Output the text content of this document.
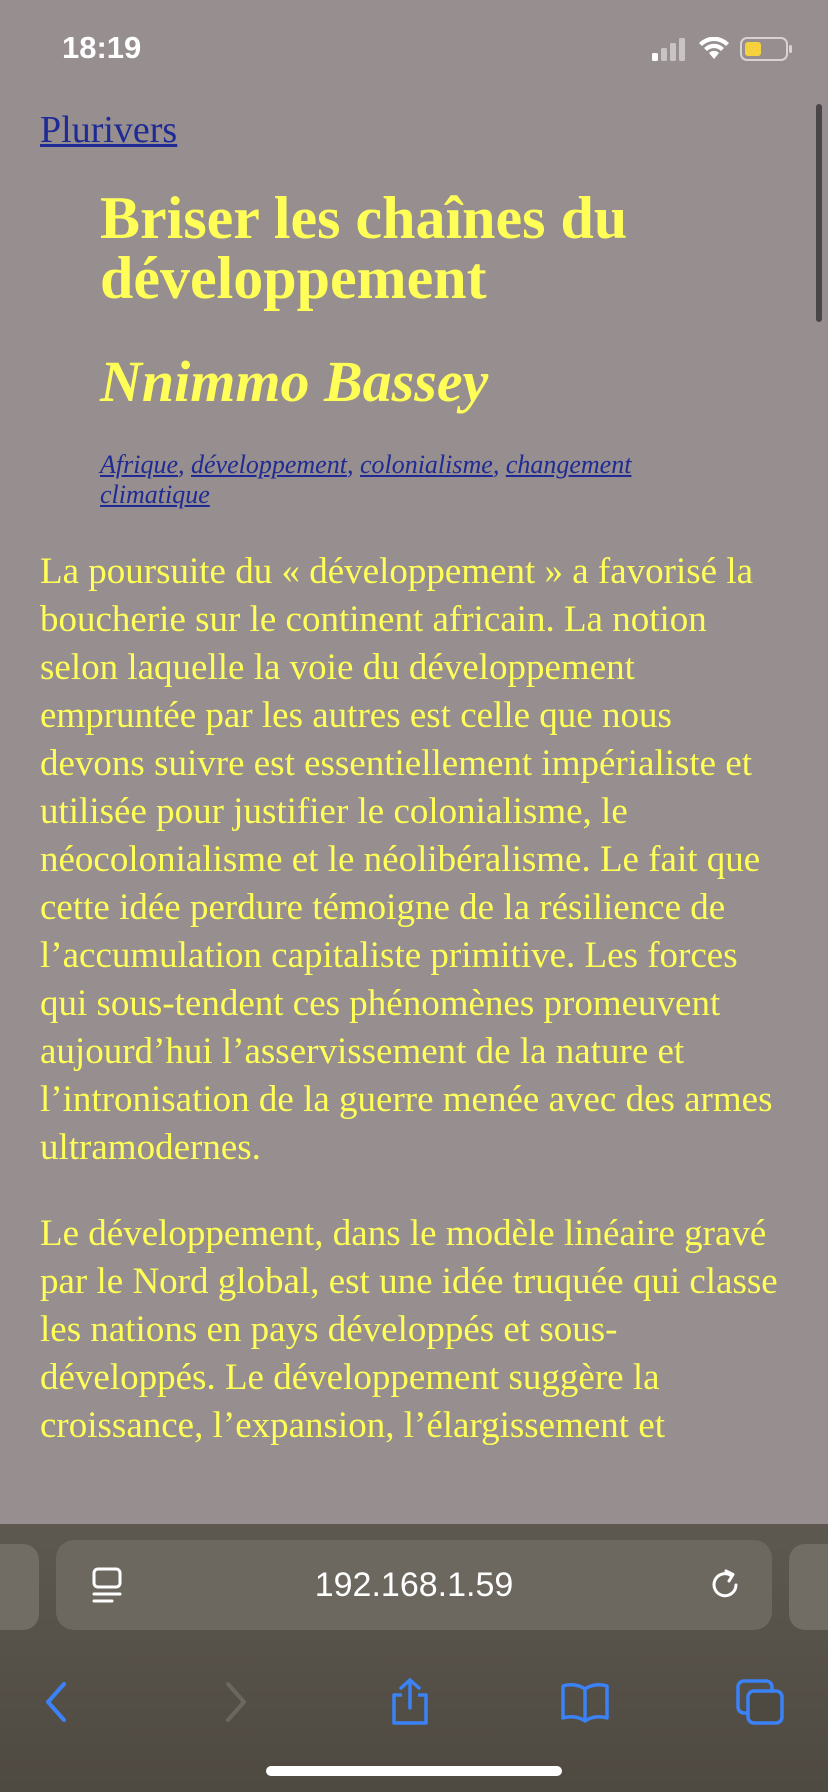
18:19
Plurivers
Briser les chaînes du développement
Nnimmo Bassey
Afrique, développement, colonialisme, changement climatique

La poursuite du « développement » a favorisé la boucherie sur le continent africain. La notion selon laquelle la voie du développement empruntée par les autres est celle que nous devons suivre est essentiellement impérialiste et utilisée pour justifier le colonialisme, le néocolonialisme et le néolibéralisme. Le fait que cette idée perdure témoigne de la résilience de l’accumulation capitaliste primitive. Les forces qui sous-tendent ces phénomènes promeuvent aujourd’hui l’asservissement de la nature et l’intronisation de la guerre menée avec des armes ultramodernes.

Le développement, dans le modèle linéaire gravé par le Nord global, est une idée truquée qui classe les nations en pays développés et sous-développés. Le développement suggère la croissance, l’expansion, l’élargissement et

192.168.1.59
